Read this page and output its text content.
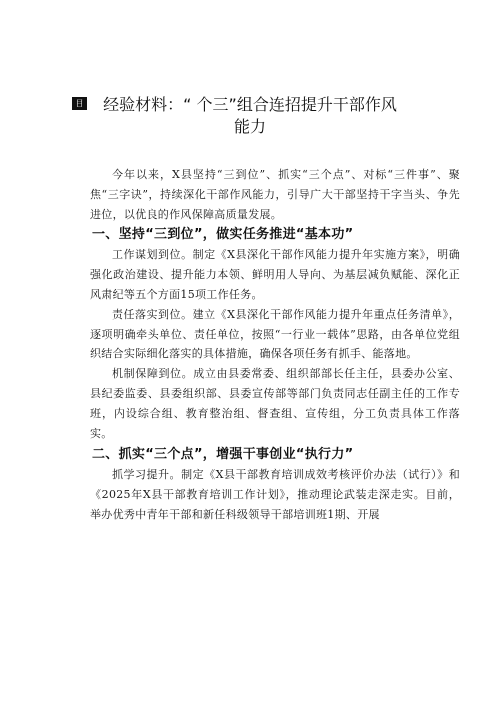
目	经验材料：“ 个三”组合连招提升干部作风
能力

今年以来，X县坚持“三到位”、抓实“三个点”、对标“三件事”、聚焦“三字诀”，持续深化干部作风能力，引导广大干部坚持干字当头、争先进位，以优良的作风保障高质量发展。

一、坚持“三到位”，做实任务推进“基本功”

工作谋划到位。制定《X县深化干部作风能力提升年实施方案》，明确强化政治建设、提升能力本领、鲜明用人导向、为基层减负赋能、深化正风肃纪等五个方面15项工作任务。

责任落实到位。建立《X县深化干部作风能力提升年重点任务清单》，逐项明确牵头单位、责任单位，按照“一行业一载体”思路，由各单位党组织结合实际细化落实的具体措施，确保各项任务有抓手、能落地。

机制保障到位。成立由县委常委、组织部部长任主任，县委办公室、县纪委监委、县委组织部、县委宣传部等部门负责同志任副主任的工作专班，内设综合组、教育整治组、督查组、宣传组，分工负责具体工作落实。

二、抓实“三个点”，增强干事创业“执行力”

抓学习提升。制定《X县干部教育培训成效考核评价办法（试行）》和《2025年X县干部教育培训工作计划》，推动理论武装走深走实。目前，举办优秀中青年干部和新任科级领导干部培训班1期、开展
